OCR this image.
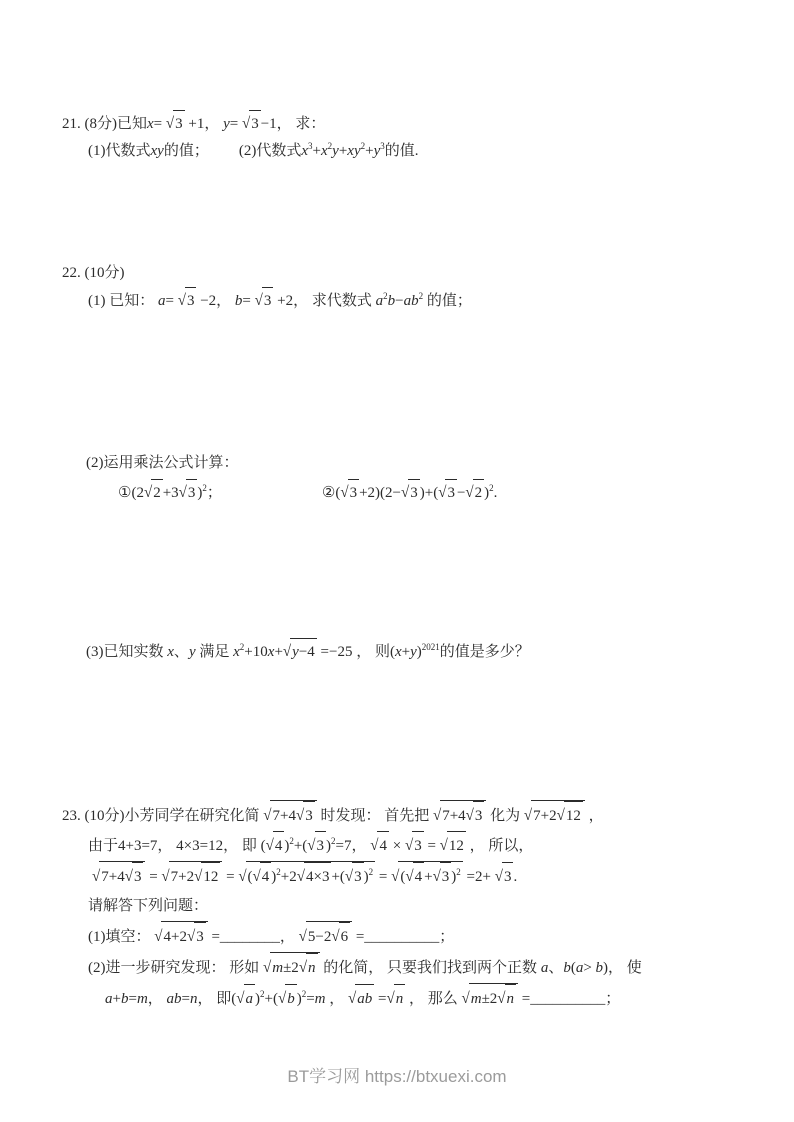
21. (8分)已知x= √3 +1， y= √3 −1， 求：
(1)代数式xy的值； (2)代数式$x^3+x^2y+xy^2+y^3$的值.
22. (10分)
(1) 已知： a= √3 −2， b= √3 +2， 求代数式 $a^2b-ab^2$ 的值；
(2)运用乘法公式计算：
①(2√2 +3√3 )$^2$；	②(√3 +2)(2−√3 )+(√3 −√2 )$^2$.
(3)已知实数 x、y 满足 $x^2+10x+√y-4 =-25$ ， 则$(x+y)^{2021}$的值是多少？
23. (10分)小芳同学在研究化简 √7+4√3 时发现： 首先把 √7+4√3 化为 √7+2√12 ，
由于4+3=7， 4×3=12， 即 (√4 )$^2$+(√3 )$^2$=7， √4 × √3 = √12 ， 所以，
√7+4√3 = √7+2√12 = √(√4 )$^2$+2√4×3 +(√3 )$^2$ = √(√4 +√3 )$^2$ =2+ √3 .
请解答下列问题：
(1)填空： √4+2√3 =________， √5−2√6 =__________；
(2)进一步研究发现： 形如 √m±2√n 的化简， 只要我们找到两个正数 a、b(a> b)， 使
a+b=m， ab=n， 即(√a )$^2$+(√b )$^2$=m ， √ab =√n ， 那么 √m±2√n =__________；
BT学习网 https://btxuexi.com
